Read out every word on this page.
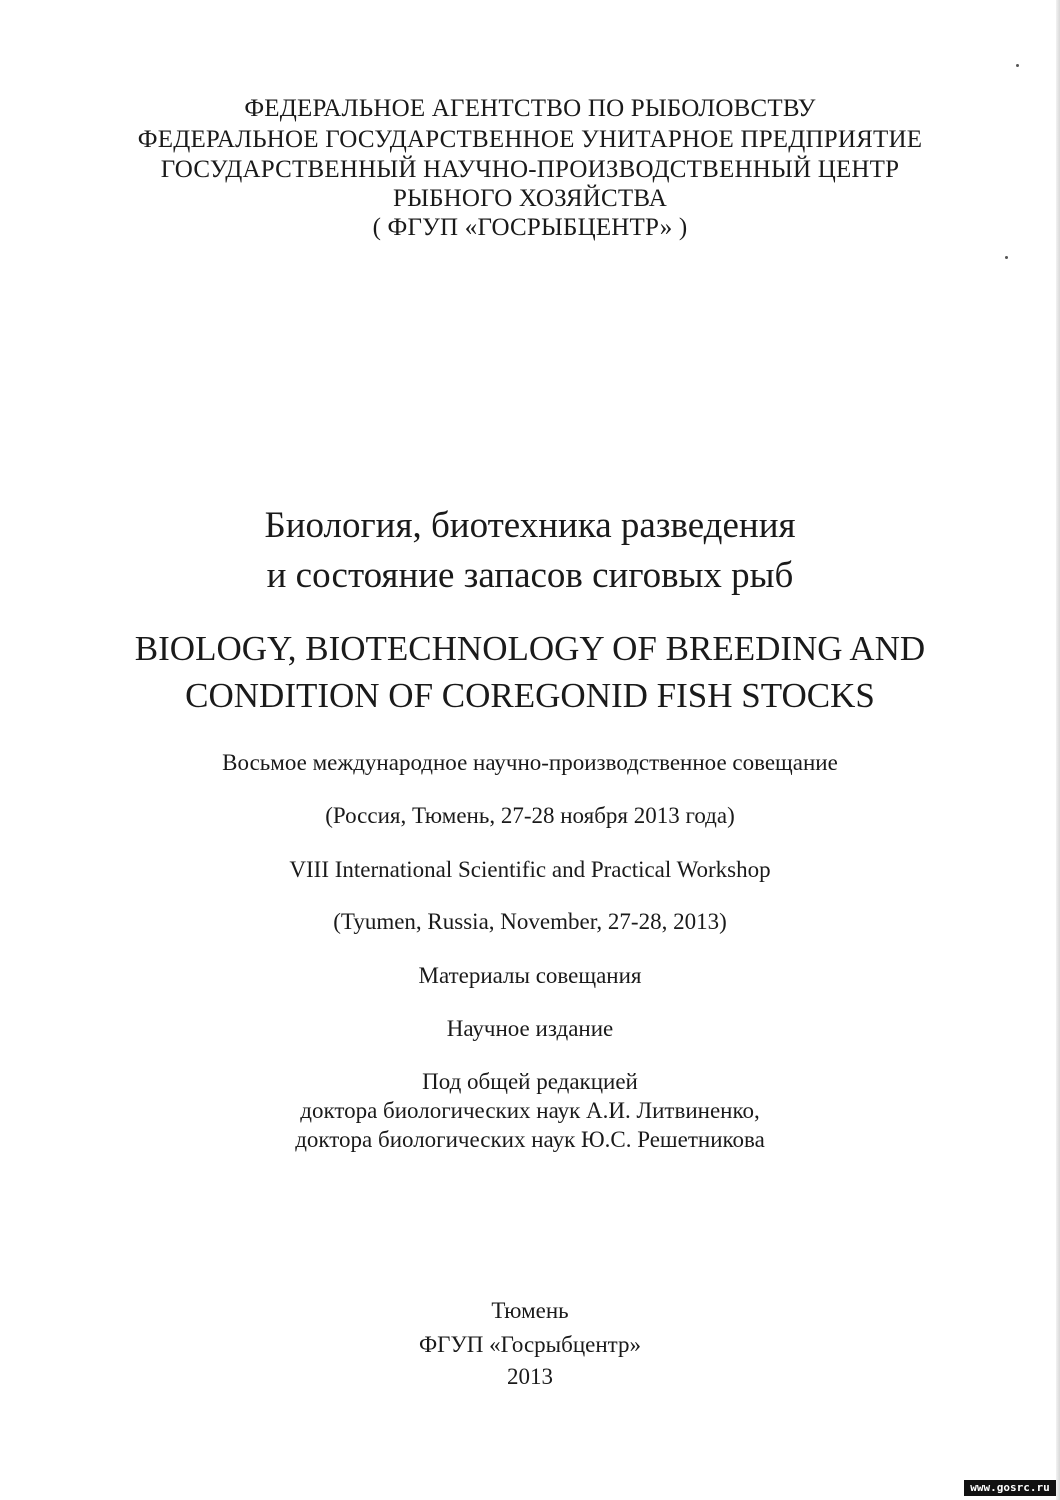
ФЕДЕРАЛЬНОЕ АГЕНТСТВО ПО РЫБОЛОВСТВУ
ФЕДЕРАЛЬНОЕ ГОСУДАРСТВЕННОЕ УНИТАРНОЕ ПРЕДПРИЯТИЕ
ГОСУДАРСТВЕННЫЙ НАУЧНО-ПРОИЗВОДСТВЕННЫЙ ЦЕНТР
РЫБНОГО ХОЗЯЙСТВА
( ФГУП «ГОСРЫБЦЕНТР» )
Биология, биотехника разведения
и состояние запасов сиговых рыб
BIOLOGY, BIOTECHNOLOGY OF BREEDING AND
CONDITION OF COREGONID FISH STOCKS
Восьмое международное научно-производственное совещание
(Россия, Тюмень, 27-28 ноября 2013 года)
VIII International Scientific and Practical Workshop
(Tyumen, Russia, November, 27-28, 2013)
Материалы совещания
Научное издание
Под общей редакцией
доктора биологических наук А.И. Литвиненко,
доктора биологических наук Ю.С. Решетникова
Тюмень
ФГУП «Госрыбцентр»
2013
www.gosrc.ru
